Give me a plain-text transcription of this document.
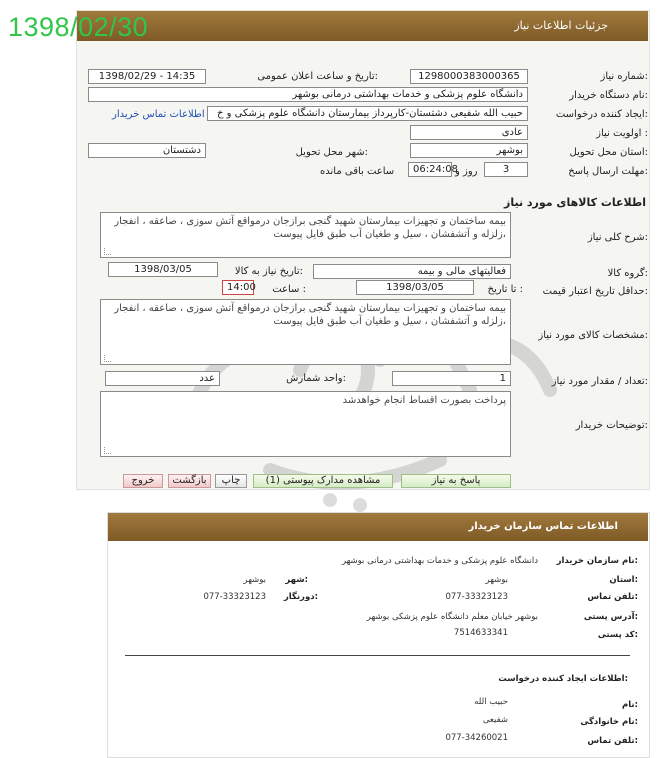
جزئیات اطلاعات نیاز
1398/02/30
شماره نیاز:
1298000383000365
تاریخ و ساعت اعلان عمومی:
1398/02/29 - 14:35
نام دستگاه خریدار:
دانشگاه علوم پزشکی و خدمات بهداشتی درمانی بوشهر
ایجاد کننده درخواست:
حبیب الله شفیعی دشتستان-کارپرداز بیمارستان دانشگاه علوم پزشکی و خ
اطلاعات تماس خریدار
اولویت نیاز :
عادی
استان محل تحویل:
بوشهر
شهر محل تحویل:
دشتستان
مهلت ارسال پاسخ:
3
روز و
06:24:08
ساعت باقی مانده
اطلاعات کالاهای مورد نیاز
شرح کلی نیاز:
بیمه ساختمان و تجهیزات بیمارستان شهید گنجی برازجان درمواقع آتش سوزی ، صاعقه ، انفجار ،زلزله و آتشفشان ، سیل و طغیان آب طبق فایل پیوست
گروه کالا:
فعالیتهای مالی و بیمه
تاریخ نیاز به کالا:
1398/03/05
حداقل تاریخ اعتبار قیمت:
تا تاریخ :
1398/03/05
ساعت :
14:00
مشخصات کالای مورد نیاز:
بیمه ساختمان و تجهیزات بیمارستان شهید گنجی برازجان درمواقع آتش سوزی ، صاعقه ، انفجار ،زلزله و آتشفشان ، سیل و طغیان آب طبق فایل پیوست
تعداد / مقدار مورد نیاز:
1
واحد شمارش:
عدد
توضیحات خریدار:
پرداخت بصورت اقساط انجام خواهدشد
پاسخ به نیاز
مشاهده مدارک پیوستی (1)
چاپ
بازگشت
خروج
اطلاعات تماس سازمان خریدار
نام سازمان خریدار:
دانشگاه علوم پزشکی و خدمات بهداشتی درمانی بوشهر
استان:
بوشهر
شهر:
بوشهر
تلفن تماس:
077-33323123
دورنگار:
077-33323123
آدرس پستی:
بوشهر خیابان معلم دانشگاه علوم پزشکی بوشهر
کد پستی:
7514633341
اطلاعات ایجاد کننده درخواست:
نام:
حبیب الله
نام خانوادگی:
شفیعی
تلفن تماس:
077-34260021
